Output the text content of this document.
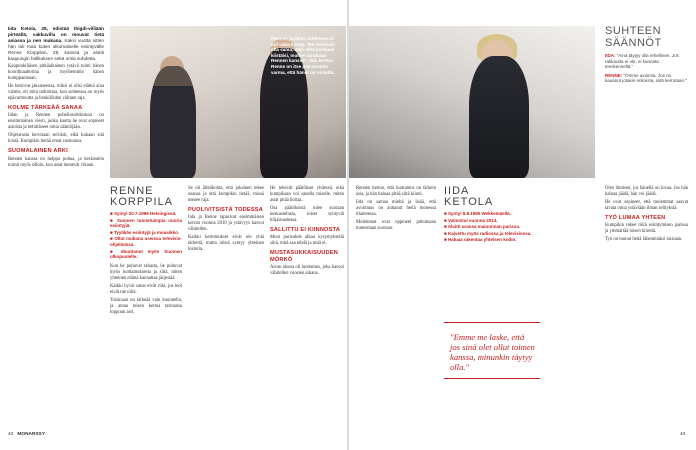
Rennen ja Iidan suhteessa ei tuli valta-kysyä. "En tarvitsisi olla sama, ettei mitä koskaan kiistäisi, mutten ainakaan Rennen kanssa", Iida kertoo. Renne on itse päinvastoin varma, että hänet on voiteltu.

Iida Ketola, 25, edistää thigdi-villiään pirteällä, vakkuvilla on mouvat tietä asiassa ja nen mukana. Kaksi vuotta sitten hän tuli maa kuten ulkomaiselle esiintyvälle Renne Korppilan, 29, kanssa ja aloitti kaupungin hallituksen sekä omia suhdetta.

Kaupunkiläisen pitkäaikainen ystävä toimi hänen koordinaattorina ja myöhemmin hänen kumppaninaan.

He kertovat jaksaneensa, miksi ei olisi elämä aina valmis, eli mitä tarkoittaa, kun suhteessa on myös epävarmuutta ja henkilöiden välinen raja.

KOLME TÄRKEÄÄ SANAA

Iidan ja Rennen puhelinsoittimissa on ensimmäinen viesti, jonka kautta he ovat sopineet asioista ja kehittäneet omia sääntöjään.

Ohjeistusta kerrotaan selvästi, eikä kukaan sitä kiistä. Kumpikin tietää omat vastuunsa.

SUOMALAINEN ARKI

Rennen kanssa on helppo puhua, ja keskustelu toimii myös silloin, kun asiat menevät vikaan.

RENNE
KORPPILA
■ Syntyi 20.7.1996 Helsingissä.
■ Suomen tunnetuimpia nuoria esiintyjiä.
■ Tyylikäs esiintyjä ja muusikko.
■ Ollut mukana useissa televisio-ohjelmissa.
■ Muuttanut myös Suomen ulkopuolelle.

Kun he puhuvat rahasta, he puhuvat myös luottamuksesta ja siitä, miten yhteinen elämä kannattaa järjestää.

Kaikki hyvät sanat eivät riitä, jos teot eivät tue niitä.

Toisinaan on tärkeää vain kuunnella, ja antaa toisen kertoa tarinansa loppuun asti.

Se oli lähtökohta, että jokainen tekee osansa ja että kumpikin tietää, missä menee raja.

PUOLIVITSISTÄ TODESSA

Iida ja Renne tapasivat ensimmäisen kerran vuonna 2010 ja ystävyys kasvoi vähitellen.

Kaikki kertomukset eivät ole yhtä tärkeitä, mutta niistä syntyy yhteinen historia.

He tekevät päätökset yhdessä, eikä kumpikaan voi sanella toiselle, miten asiat pitää hoitaa.

Osa päätöksistä tulee suoraan keskustelusta, toiset syntyvät hiljaisuudessa.

SALLITTU EI KIINNOSTA

Moni parisuhde alkaa kysymyksellä siitä, mitä saa tehdä ja mitä ei.

MUSTASUKKAISUUDEN MÖRKÖ

Aivan alussa oli luottamus, joka kasvoi vähitellen vuosien aikana.

Rennen kertoo, että luottamus on tärkein asia, ja hän haluaa pitää siitä kiinni.

Iida on samaa mieltä ja lisää, että avoimuus on auttanut heitä monessa tilanteessa.

Molemmat ovat oppineet puhumaan tunteistaan suoraan.

IIDA
KETOLA
■ Syntyi 8.8.1990 Wekkemäellä.
■ Valmistui vuonna 2014.
■ Aloitti uransa mainonnan parissa.
■ Kaivettu myös radiossa ja televisiossa.
■ Haluaa rakentaa yhteisen kodin.
"Emme me laske, että jos sinä olet ollut toimen kanssa, minunkin täytyy olla."

Oleo ihmisen, jos hänellä on kivaa. Jos hän haluaa jäädä, hän voi jäädä.

He ovat sopineet, että molemmat saavat tavata omia ystäviään ilman selityksiä.

TYÖ LUMAA YHTEEN

Kumpikin tekee töitä esiintymisen parissa ja ymmärtää toisen kiireitä.

Työ on tuonut heitä lähemmäksi toisiaan.

SUHTEEN
SÄÄNNÖT

IIDA: "Aina täytyy olla rehellinen. Jos rakkautta ei ole, ei kannata teeskennellä."

RENNE: "Omme avoimia. Jos on kauanut jotakin erikoista, siitä kerrotaan."

42 MONARSSY	43
